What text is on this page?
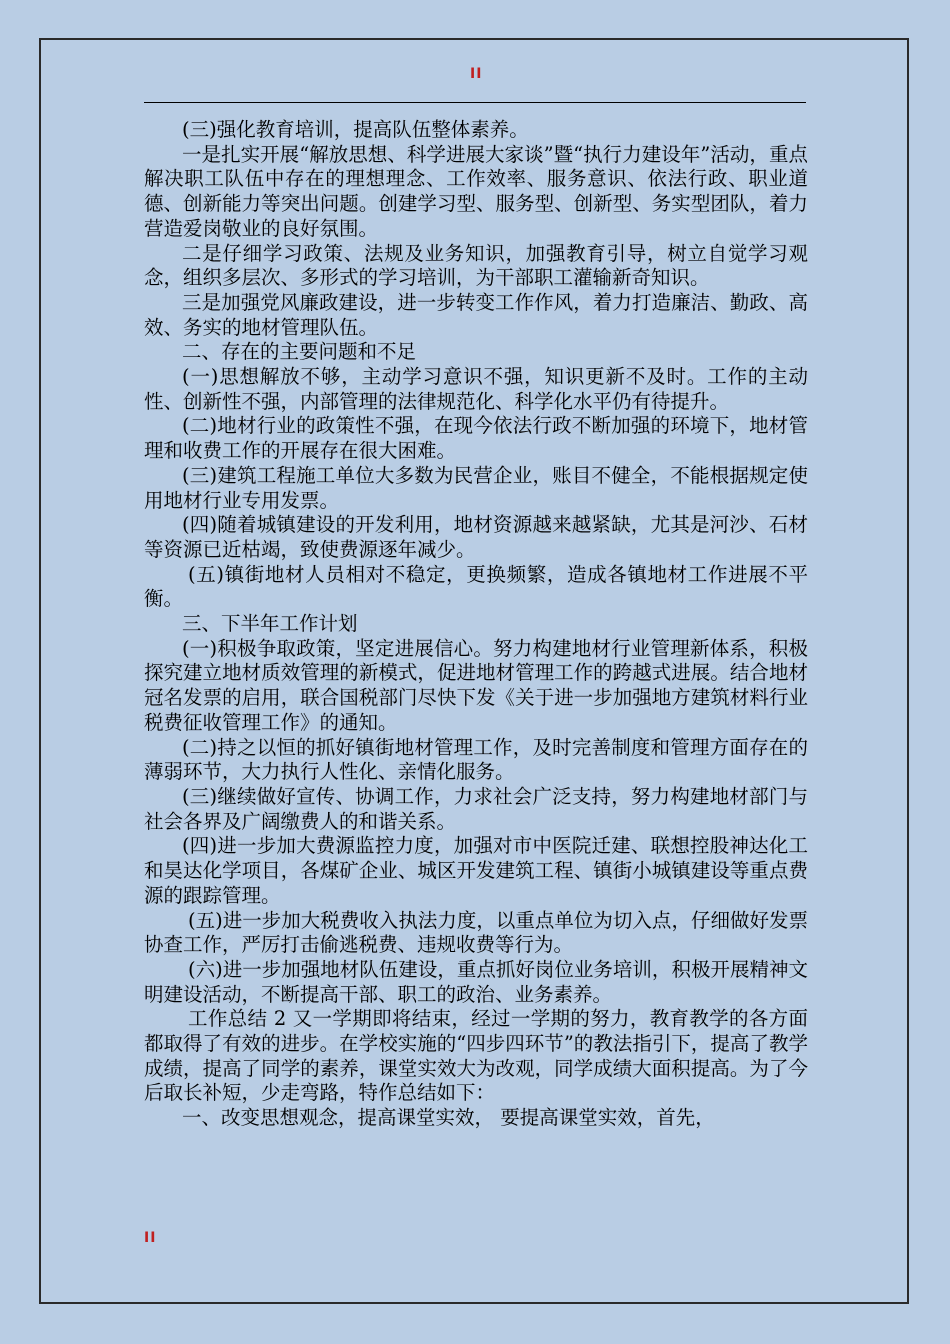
II

(三)强化教育培训，提高队伍整体素养。

一是扎实开展“解放思想、科学进展大家谈”暨“执行力建设年”活动，重点解决职工队伍中存在的理想理念、工作效率、服务意识、依法行政、职业道德、创新能力等突出问题。创建学习型、服务型、创新型、务实型团队，着力营造爱岗敬业的良好氛围。

二是仔细学习政策、法规及业务知识，加强教育引导，树立自觉学习观念，组织多层次、多形式的学习培训，为干部职工灌输新奇知识。

三是加强党风廉政建设，进一步转变工作作风，着力打造廉洁、勤政、高效、务实的地材管理队伍。

二、存在的主要问题和不足

(一)思想解放不够，主动学习意识不强，知识更新不及时。工作的主动性、创新性不强，内部管理的法律规范化、科学化水平仍有待提升。

(二)地材行业的政策性不强，在现今依法行政不断加强的环境下，地材管理和收费工作的开展存在很大困难。

(三)建筑工程施工单位大多数为民营企业，账目不健全，不能根据规定使用地材行业专用发票。

(四)随着城镇建设的开发利用，地材资源越来越紧缺，尤其是河沙、石材等资源已近枯竭，致使费源逐年减少。

(五)镇街地材人员相对不稳定，更换频繁，造成各镇地材工作进展不平衡。

三、下半年工作计划

(一)积极争取政策，坚定进展信心。努力构建地材行业管理新体系，积极探究建立地材质效管理的新模式，促进地材管理工作的跨越式进展。结合地材冠名发票的启用，联合国税部门尽快下发《关于进一步加强地方建筑材料行业税费征收管理工作》的通知。

(二)持之以恒的抓好镇街地材管理工作，及时完善制度和管理方面存在的薄弱环节，大力执行人性化、亲情化服务。

(三)继续做好宣传、协调工作，力求社会广泛支持，努力构建地材部门与社会各界及广阔缴费人的和谐关系。

(四)进一步加大费源监控力度，加强对市中医院迁建、联想控股神达化工和昊达化学项目，各煤矿企业、城区开发建筑工程、镇街小城镇建设等重点费源的跟踪管理。

(五)进一步加大税费收入执法力度，以重点单位为切入点，仔细做好发票协查工作，严厉打击偷逃税费、违规收费等行为。

(六)进一步加强地材队伍建设，重点抓好岗位业务培训，积极开展精神文明建设活动，不断提高干部、职工的政治、业务素养。

工作总结 2 又一学期即将结束，经过一学期的努力，教育教学的各方面都取得了有效的进步。在学校实施的“四步四环节”的教法指引下，提高了教学成绩，提高了同学的素养，课堂实效大为改观，同学成绩大面积提高。为了今后取长补短，少走弯路，特作总结如下：

一、改变思想观念，提高课堂实效， 要提高课堂实效，首先，

II
